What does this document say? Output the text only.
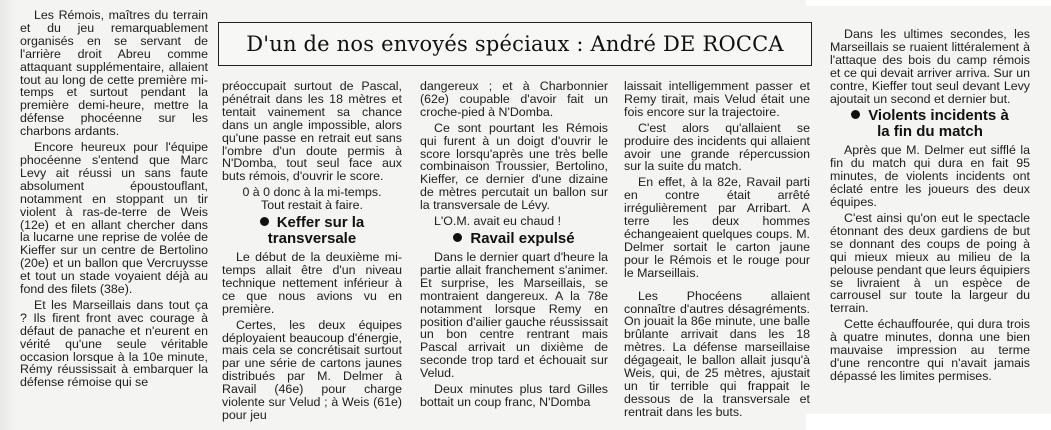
Les Rémois, maîtres du terrain et du jeu remarquablement organisés en se servant de l'arrière droit Abreu comme attaquant supplémentaire, allaient tout au long de cette première mi-temps et surtout pendant la première demi-heure, mettre la défense phocéenne sur les charbons ardants.

Encore heureux pour l'équipe phocéenne s'entend que Marc Levy ait réussi un sans faute absolument époustouflant, notamment en stoppant un tir violent à ras-de-terre de Weis (12e) et en allant chercher dans la lucarne une reprise de volée de Kieffer sur un centre de Bertolino (20e) et un ballon que Vercruysse et tout un stade voyaient déjà au fond des filets (38e).

Et les Marseillais dans tout ça ? Ils firent front avec courage à défaut de panache et n'eurent en vérité qu'une seule véritable occasion lorsque à la 10e minute, Rémy réussissait à embarquer la défense rémoise qui se

D'un de nos envoyés spéciaux : André DE ROCCA

préoccupait surtout de Pascal, pénétrait dans les 18 mètres et tentait vainement sa chance dans un angle impossible, alors qu'une passe en retrait eut sans l'ombre d'un doute permis à N'Domba, tout seul face aux buts rémois, d'ouvrir le score.

0 à 0 donc à la mi-temps.

Tout restait à faire.

Keffer sur la
transversale

Le début de la deuxième mi-temps allait être d'un niveau technique nettement inférieur à ce que nous avions vu en première.

Certes, les deux équipes déployaient beaucoup d'énergie, mais cela se concrétisait surtout par une série de cartons jaunes distribués par M. Delmer à Ravail (46e) pour charge violente sur Velud ; à Weis (61e) pour jeu

dangereux ; et à Charbonnier (62e) coupable d'avoir fait un croche-pied à N'Domba.

Ce sont pourtant les Rémois qui furent à un doigt d'ouvrir le score lorsqu'après une très belle combinaison Troussier, Bertolino, Kieffer, ce dernier d'une dizaine de mètres percutait un ballon sur la transversale de Lévy.

L'O.M. avait eu chaud !

Ravail expulsé

Dans le dernier quart d'heure la partie allait franchement s'animer. Et surprise, les Marseillais, se montraient dangereux. A la 78e notamment lorsque Remy en position d'ailier gauche réussissait un bon centre rentrant mais Pascal arrivait un dixième de seconde trop tard et échouait sur Velud.

Deux minutes plus tard Gilles bottait un coup franc, N'Domba

laissait intelligemment passer et Remy tirait, mais Velud était une fois encore sur la trajectoire.

C'est alors qu'allaient se produire des incidents qui allaient avoir une grande répercussion sur la suite du match.

En effet, à la 82e, Ravail parti en contre était arrêté irrégulièrement par Arribart. A terre les deux hommes échangeaient quelques coups. M. Delmer sortait le carton jaune pour le Rémois et le rouge pour le Marseillais.

Les Phocéens allaient connaître d'autres désagréments. On jouait la 86e minute, une balle brûlante arrivait dans les 18 mètres. La défense marseillaise dégageait, le ballon allait jusqu'à Weis, qui, de 25 mètres, ajustait un tir terrible qui frappait le dessous de la transversale et rentrait dans les buts.

Dans les ultimes secondes, les Marseillais se ruaient littéralement à l'attaque des bois du camp rémois et ce qui devait arriver arriva. Sur un contre, Kieffer tout seul devant Levy ajoutait un second et dernier but.

Violents incidents à
la fin du match

Après que M. Delmer eut sifflé la fin du match qui dura en fait 95 minutes, de violents incidents ont éclaté entre les joueurs des deux équipes.

C'est ainsi qu'on eut le spectacle étonnant des deux gardiens de but se donnant des coups de poing à qui mieux mieux au milieu de la pelouse pendant que leurs équipiers se livraient à un espèce de carrousel sur toute la largeur du terrain.

Cette échauffourée, qui dura trois à quatre minutes, donna une bien mauvaise impression au terme d'une rencontre qui n'avait jamais dépassé les limites permises.
